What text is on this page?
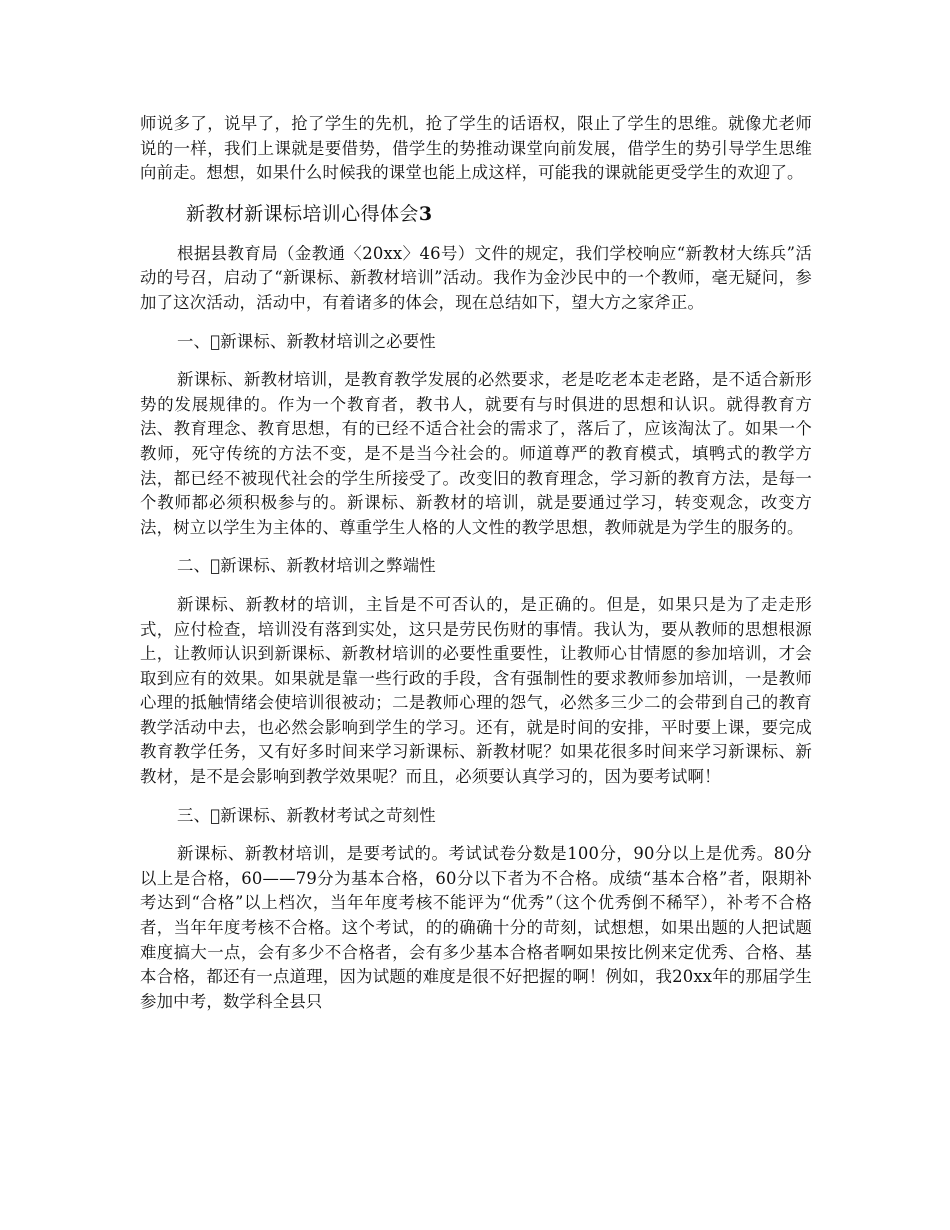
师说多了，说早了，抢了学生的先机，抢了学生的话语权，限止了学生的思维。就像尤老师说的一样，我们上课就是要借势，借学生的势推动课堂向前发展，借学生的势引导学生思维向前走。想想，如果什么时候我的课堂也能上成这样，可能我的课就能更受学生的欢迎了。

新教材新课标培训心得体会3

根据县教育局（金教通〈20xx〉46号）文件的规定，我们学校响应“新教材大练兵”活动的号召，启动了“新课标、新教材培训”活动。我作为金沙民中的一个教师，毫无疑问，参加了这次活动，活动中，有着诸多的体会，现在总结如下，望大方之家斧正。

一、 新课标、新教材培训之必要性

新课标、新教材培训，是教育教学发展的必然要求，老是吃老本走老路，是不适合新形势的发展规律的。作为一个教育者，教书人，就要有与时俱进的思想和认识。就得教育方法、教育理念、教育思想，有的已经不适合社会的需求了，落后了，应该淘汰了。如果一个教师，死守传统的方法不变，是不是当今社会的。师道尊严的教育模式，填鸭式的教学方法，都已经不被现代社会的学生所接受了。改变旧的教育理念，学习新的教育方法，是每一个教师都必须积极参与的。新课标、新教材的培训，就是要通过学习，转变观念，改变方法，树立以学生为主体的、尊重学生人格的人文性的教学思想，教师就是为学生的服务的。

二、 新课标、新教材培训之弊端性

新课标、新教材的培训，主旨是不可否认的，是正确的。但是，如果只是为了走走形式，应付检查，培训没有落到实处，这只是劳民伤财的事情。我认为，要从教师的思想根源上，让教师认识到新课标、新教材培训的必要性重要性，让教师心甘情愿的参加培训，才会取到应有的效果。如果就是靠一些行政的手段，含有强制性的要求教师参加培训，一是教师心理的抵触情绪会使培训很被动；二是教师心理的怨气，必然多三少二的会带到自己的教育教学活动中去，也必然会影响到学生的学习。还有，就是时间的安排，平时要上课，要完成教育教学任务，又有好多时间来学习新课标、新教材呢？如果花很多时间来学习新课标、新教材，是不是会影响到教学效果呢？而且，必须要认真学习的，因为要考试啊！

三、 新课标、新教材考试之苛刻性

新课标、新教材培训，是要考试的。考试试卷分数是100分，90分以上是优秀。80分以上是合格，60——79分为基本合格，60分以下者为不合格。成绩“基本合格”者，限期补考达到“合格”以上档次，当年年度考核不能评为“优秀”（这个优秀倒不稀罕），补考不合格者，当年年度考核不合格。这个考试，的的确确十分的苛刻，试想想，如果出题的人把试题难度搞大一点，会有多少不合格者，会有多少基本合格者啊如果按比例来定优秀、合格、基本合格，都还有一点道理，因为试题的难度是很不好把握的啊！例如，我20xx年的那届学生参加中考，数学科全县只
